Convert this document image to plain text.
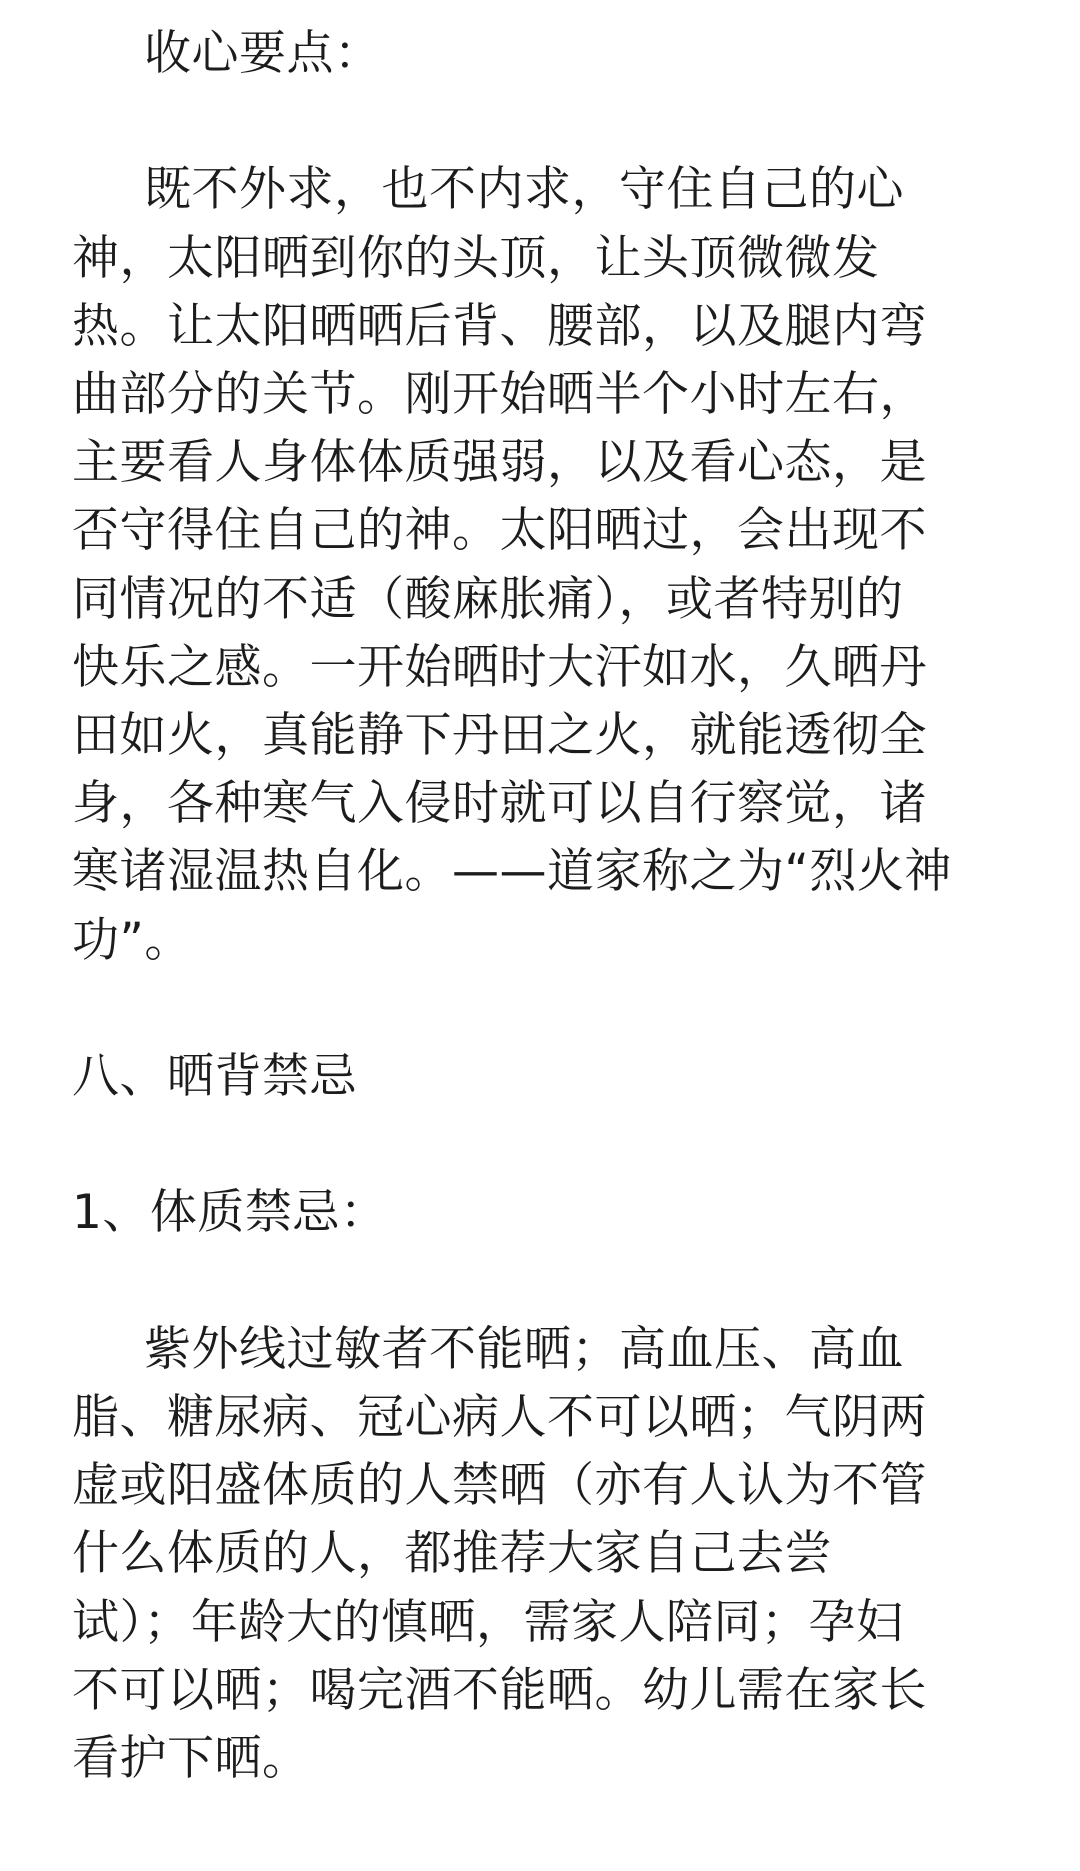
收心要点：

既不外求，也不内求，守住自己的心
神，太阳晒到你的头顶，让头顶微微发
热。让太阳晒晒后背、腰部，以及腿内弯
曲部分的关节。刚开始晒半个小时左右，
主要看人身体体质强弱，以及看心态，是
否守得住自己的神。太阳晒过，会出现不
同情况的不适（酸麻胀痛），或者特别的
快乐之感。一开始晒时大汗如水，久晒丹
田如火，真能静下丹田之火，就能透彻全
身，各种寒气入侵时就可以自行察觉，诸
寒诸湿温热自化。——道家称之为“烈火神
功”。

八、晒背禁忌

1、体质禁忌：

紫外线过敏者不能晒；高血压、高血
脂、糖尿病、冠心病人不可以晒；气阴两
虚或阳盛体质的人禁晒（亦有人认为不管
什么体质的人，都推荐大家自己去尝
试）；年龄大的慎晒，需家人陪同；孕妇
不可以晒；喝完酒不能晒。幼儿需在家长
看护下晒。
